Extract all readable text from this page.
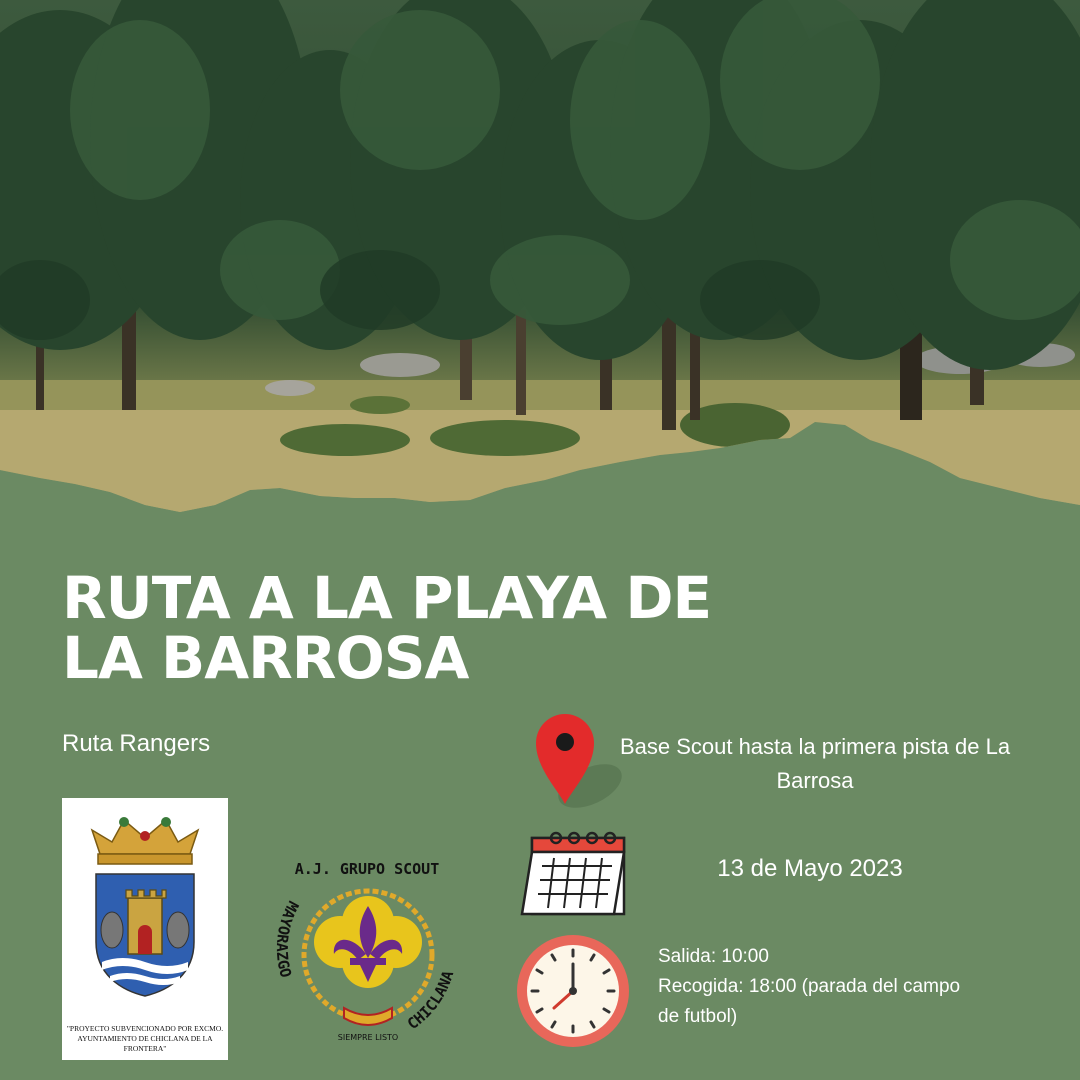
RUTA A LA PLAYA DE LA BARROSA
Ruta Rangers	Base Scout hasta la primera pista de La Barrosa
13 de Mayo 2023
Salida: 10:00
Recogida: 18:00 (parada del campo de futbol)
"PROYECTO SUBVENCIONADO POR EXCMO. AYUNTAMIENTO DE CHICLANA DE LA FRONTERA"
A.J. GRUPO SCOUT
MAYORAZGO
CHICLANA
SIEMPRE LISTO
